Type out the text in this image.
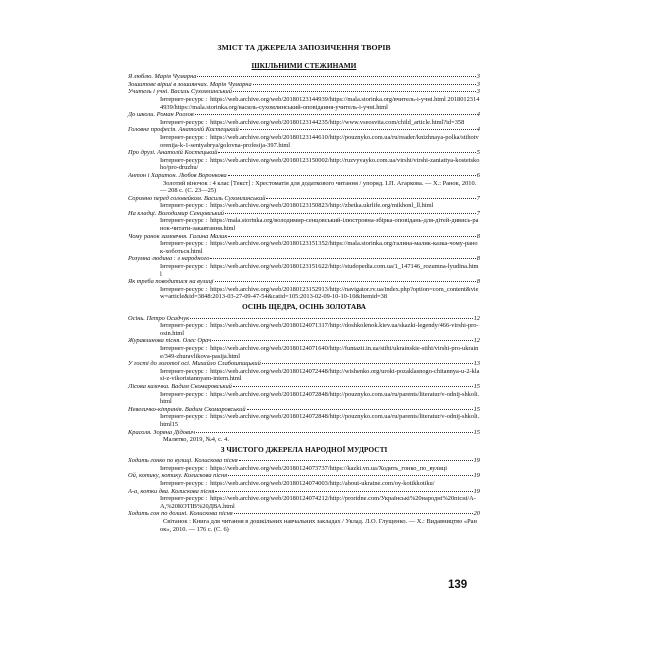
ЗМІСТ ТА ДЖЕРЕЛА ЗАПОЗИЧЕННЯ ТВОРІВ
ШКІЛЬНИМИ СТЕЖИНАМИ
Я люблю. Марія Чумарна	3
Зошитове вірші в зошиянчах. Марія Чумарна	3
Учитель і учні. Василь Сухомлинський	3
Інтернет-ресурс : https://web.archive.org/web/20180123144939/https://mala.storinka.org/вчитель-і-учні.html 20180123144939/https://mala.storinka.org/василь-сухомлинський-оповідання-учитель-і-учні.html
До школи. Роман Роллов	4
Інтернет-ресурс : https://web.archive.org/web/20180123144235/http://www.vseosvita.com/child_article.html?id=358
Головне професія. Анатолій Костецький	4
Інтернет-ресурс : https://web.archive.org/web/20180123144610/http://pouznyko.com.ua/ru/reader/knizhnaya-polka/stihotvorenija-k-1-sentyabrya/golovna-profesija-397.html
Про друзі. Анатолій Костецький	5
Інтернет-ресурс : https://web.archive.org/web/20180123150002/http://ruzvyvayko.com.ua/virshi/virshi-zaniattya-kostetskoho/pro-druzhu/
Антон і Харитон. Любов Воронкова	6
Золотий вiночок : 4 клас [Текст] : Хрестоматія для додаткового читання / упоряд. І.П. Агаркова. — Х.: Ранок, 2010. — 208 с. (С. 23—25)
Соромно перед соловейком. Василь Сухомлинський	7
Інтернет-ресурс : https://web.archive.org/web/20180123150823/http://zbetka.ukrlife.org/mikhonl_ll.html
На кладці. Володимир Сенцовський	7
Інтернет-ресурс : https://mala.storinka.org/володимир-сенцовський-ілюстровна-збірка-оповідань-для-дітей-дивись-ранок-читати-закавтання.html
Чому ранок замовчня. Галина Малик	8
Інтернет-ресурс : https://web.archive.org/web/20180123151352/https://mala.storinka.org/галина-малик-казка-чому-ранок-хоботься.html
Розумна людина : з народного	8
Інтернет-ресурс : https://web.archive.org/web/20180123151622/http://studopedia.com.ua/1_147146_rozumna-lyudina.html
Як треба поводитися на вулиці	8
Інтернет-ресурс : https://web.archive.org/web/20180123152913/http://navigator.rv.ua/index.php?option=com_content&view=article&id=3848:2013-03-27-09-47-54&catid=105:2013-02-09-10-10-10&Itemid=38
ОСІНЬ ЩЕДРА, ОСІНЬ ЗОЛОТАВА
Осінь. Петро Осадчук	12
Інтернет-ресурс : https://web.archive.org/web/20180124071317/http://doshkolenok.kiev.ua/skazki-legendy/466-virshi-pro-osin.html
Журавлинова пісня. Олес Орач	12
Інтернет-ресурс : https://web.archive.org/web/20180124071640/http://funtazii.in.ua/stihi/ukrainskie-stihi/virshi-pro-ukraine/349-zhuravlikova-pasija.html
У гості до золотої осі. Михайло Слабошпицький	13
Інтернет-ресурс : https://web.archive.org/web/20180124072448/http://wishenko.org/uroki-pozaklasnogo-chitannya-u-2-klasi-z-vikoristannyam-intern.html
Лісова казочка. Вадим Скомаровський	15
Інтернет-ресурс : https://web.archive.org/web/20180124072848/http://pouznyko.com.ua/ru/parents/literatur/v-odnij-shkoli.html
Невеличко-кітранія. Вадим Скомаровський	15
Інтернет-ресурс : https://web.archive.org/web/20180124072848/http://pouznyko.com.ua/ru/parents/literatur/v-odnij-shkoli.html15
Красоля. Зоряна Дідович	15
Малятко, 2019, №4, с. 4.
З ЧИСТОГО ДЖЕРЕЛА НАРОДНОЇ МУДРОСТІ
Ходить гонко по вулиці. Колискова пісня	19
Інтернет-ресурс : https://web.archive.org/web/20180124073737/https://kazki.vn.ua/Ходить_гонко_по_вулиці
Ой, котику, котику. Колискова пісня	19
Інтернет-ресурс : https://web.archive.org/web/20180124074003/http://about-ukraine.com/oy-kotikkotiku/
А-а, котки два. Колискова пісня	19
Інтернет-ресурс : https://web.archive.org/web/20180124074212/http://proridne.com/Українські%20народні%20пісні/А-А,%20КОТІВ%20ДВА.html
Ходить сон по долині. Колискова пісня	20
Свiтанок : Книга для читання в дошкільних навчальних закладах / Уклад. Л.О. Глущенко. — Х.: Видавництво «Ранок», 2010. — 176 с. (С. 6)
139
